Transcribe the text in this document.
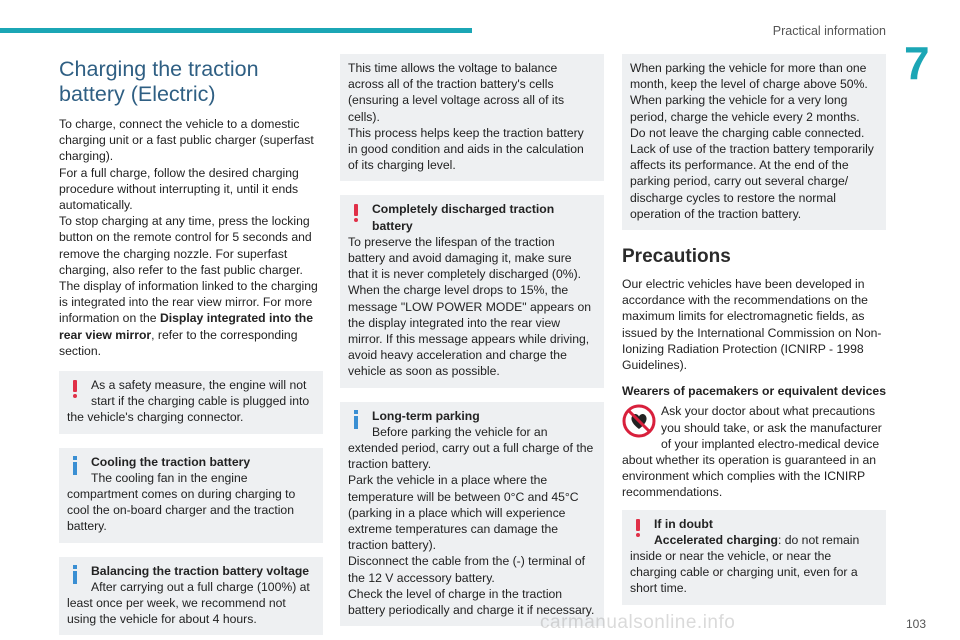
Practical information
7
Charging the traction battery (Electric)

To charge, connect the vehicle to a domestic charging unit or a fast public charger (superfast charging).

For a full charge, follow the desired charging procedure without interrupting it, until it ends automatically.

To stop charging at any time, press the locking button on the remote control for 5 seconds and remove the charging nozzle. For superfast charging, also refer to the fast public charger.

The display of information linked to the charging is integrated into the rear view mirror. For more information on the Display integrated into the rear view mirror, refer to the corresponding section.

As a safety measure, the engine will not start if the charging cable is plugged into the vehicle's charging connector.
Cooling the traction battery
The cooling fan in the engine compartment comes on during charging to cool the on-board charger and the traction battery.
Balancing the traction battery voltage
After carrying out a full charge (100%) at least once per week, we recommend not using the vehicle for about 4 hours.

This time allows the voltage to balance across all of the traction battery's cells (ensuring a level voltage across all of its cells).

This process helps keep the traction battery in good condition and aids in the calculation of its charging level.

Completely discharged traction battery

To preserve the lifespan of the traction battery and avoid damaging it, make sure that it is never completely discharged (0%).

When the charge level drops to 15%, the message "LOW POWER MODE" appears on the display integrated into the rear view mirror. If this message appears while driving, avoid heavy acceleration and charge the vehicle as soon as possible.

Long-term parking

Before parking the vehicle for an extended period, carry out a full charge of the traction battery.

Park the vehicle in a place where the temperature will be between 0°C and 45°C (parking in a place which will experience extreme temperatures can damage the traction battery).

Disconnect the cable from the (-) terminal of the 12 V accessory battery.

Check the level of charge in the traction battery periodically and charge it if necessary.

When parking the vehicle for more than one month, keep the level of charge above 50%.

When parking the vehicle for a very long period, charge the vehicle every 2 months.

Do not leave the charging cable connected.

Lack of use of the traction battery temporarily affects its performance. At the end of the parking period, carry out several charge/ discharge cycles to restore the normal operation of the traction battery.

Precautions

Our electric vehicles have been developed in accordance with the recommendations on the maximum limits for electromagnetic fields, as issued by the International Commission on Non-Ionizing Radiation Protection (ICNIRP - 1998 Guidelines).

Wearers of pacemakers or equivalent devices

Ask your doctor about what precautions you should take, or ask the manufacturer of your implanted electro-medical device about whether its operation is guaranteed in an environment which complies with the ICNIRP recommendations.

If in doubt

Accelerated charging: do not remain inside or near the vehicle, or near the charging cable or charging unit, even for a short time.

carmanualsonline.info	103
